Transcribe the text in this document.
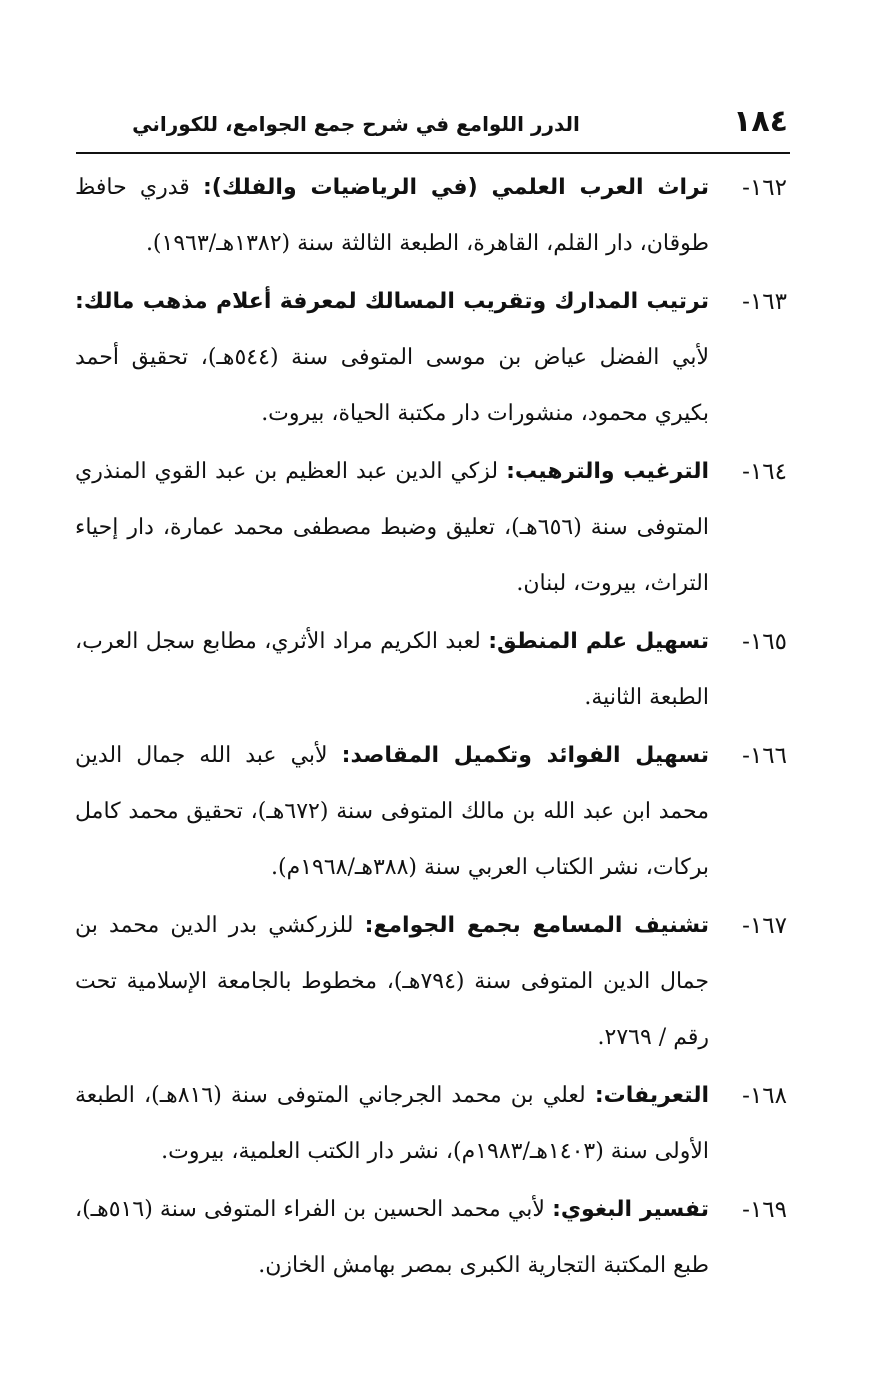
١٨٤
الدرر اللوامع في شرح جمع الجوامع، للكوراني
١٦٢-
تراث العرب العلمي (في الرياضيات والفلك): قدري حافظ طوقان، دار القلم، القاهرة، الطبعة الثالثة سنة (١٣٨٢هـ/١٩٦٣).
١٦٣-
ترتيب المدارك وتقريب المسالك لمعرفة أعلام مذهب مالك: لأبي الفضل عياض بن موسى المتوفى سنة (٥٤٤هـ)، تحقيق أحمد بكيري محمود، منشورات دار مكتبة الحياة، بيروت.
١٦٤-
الترغيب والترهيب: لزكي الدين عبد العظيم بن عبد القوي المنذري المتوفى سنة (٦٥٦هـ)، تعليق وضبط مصطفى محمد عمارة، دار إحياء التراث، بيروت، لبنان.
١٦٥-
تسهيل علم المنطق: لعبد الكريم مراد الأثري، مطابع سجل العرب، الطبعة الثانية.
١٦٦-
تسهيل الفوائد وتكميل المقاصد: لأبي عبد الله جمال الدين محمد ابن عبد الله بن مالك المتوفى سنة (٦٧٢هـ)، تحقيق محمد كامل بركات، نشر الكتاب العربي سنة (٣٨٨هـ/١٩٦٨م).
١٦٧-
تشنيف المسامع بجمع الجوامع: للزركشي بدر الدين محمد بن جمال الدين المتوفى سنة (٧٩٤هـ)، مخطوط بالجامعة الإسلامية تحت رقم / ٢٧٦٩.
١٦٨-
التعريفات: لعلي بن محمد الجرجاني المتوفى سنة (٨١٦هـ)، الطبعة الأولى سنة (١٤٠٣هـ/١٩٨٣م)، نشر دار الكتب العلمية، بيروت.
١٦٩-
تفسير البغوي: لأبي محمد الحسين بن الفراء المتوفى سنة (٥١٦هـ)، طبع المكتبة التجارية الكبرى بمصر بهامش الخازن.
